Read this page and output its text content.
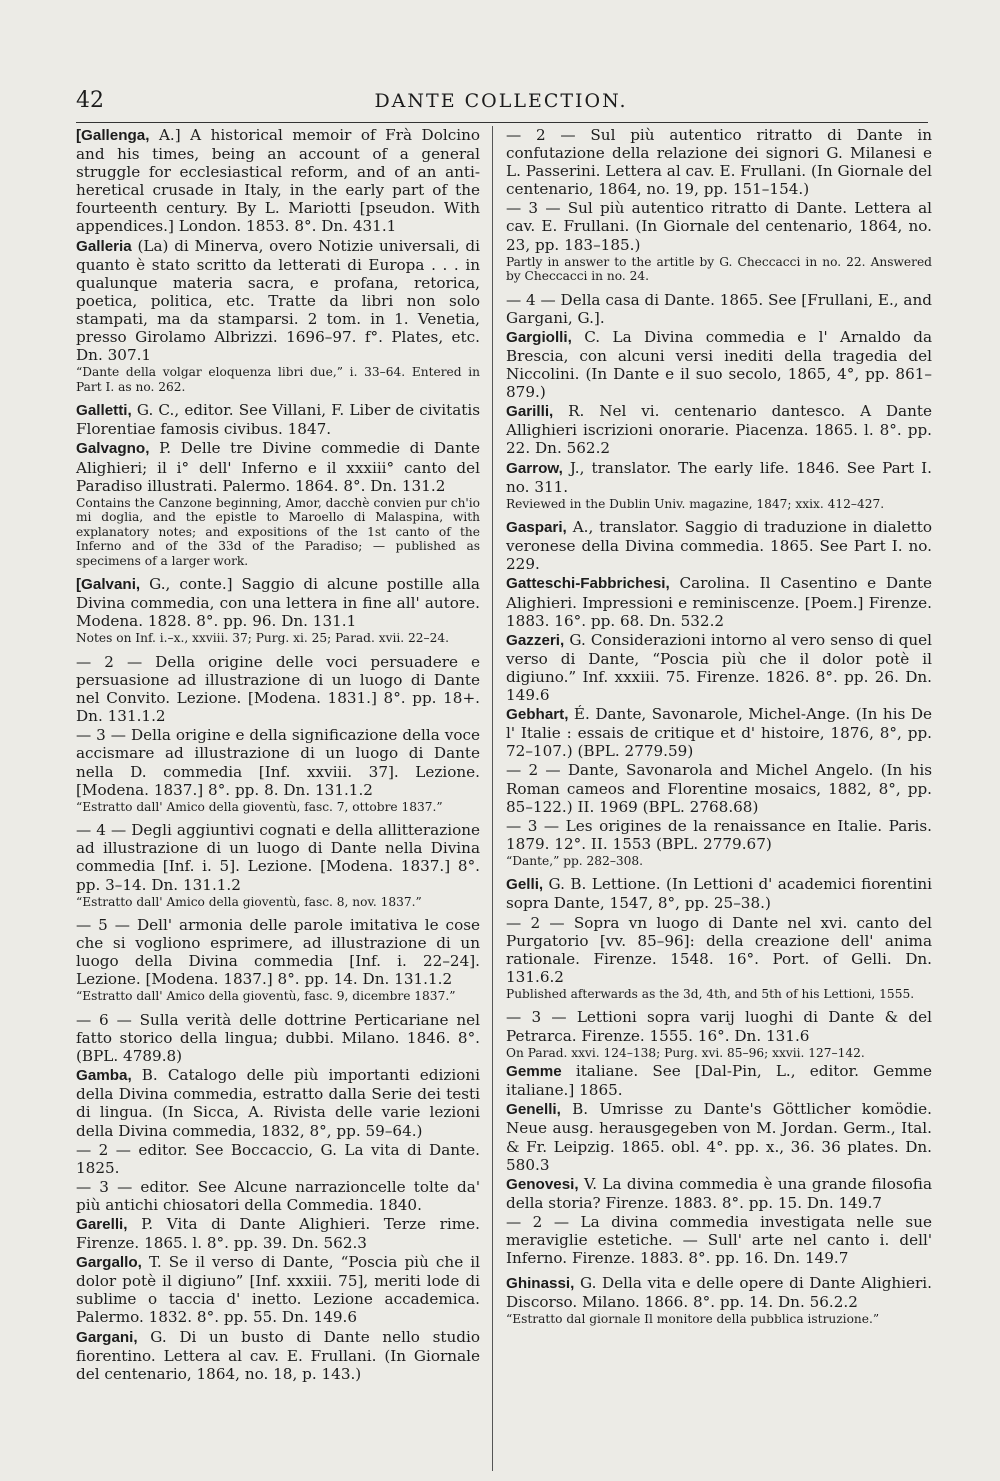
42	DANTE COLLECTION.
[Gallenga, A.] A historical memoir of Frà Dolcino and his times, being an account of a general struggle for ecclesiastical reform, and of an anti-heretical crusade in Italy, in the early part of the fourteenth century. By L. Mariotti [pseudon. With appendices.] London. 1853. 8°. Dn. 431.1
Galleria (La) di Minerva, overo Notizie universali, di quanto è stato scritto da letterati di Europa . . . in qualunque materia sacra, e profana, retorica, poetica, politica, etc. Tratte da libri non solo stampati, ma da stamparsi. 2 tom. in 1. Venetia, presso Girolamo Albrizzi. 1696–97. f°. Plates, etc. Dn. 307.1
“Dante della volgar eloquenza libri due,” i. 33–64. Entered in Part I. as no. 262.
Galletti, G. C., editor. See Villani, F. Liber de civitatis Florentiae famosis civibus. 1847.
Galvagno, P. Delle tre Divine commedie di Dante Alighieri; il i° dell' Inferno e il xxxiii° canto del Paradiso illustrati. Palermo. 1864. 8°. Dn. 131.2
Contains the Canzone beginning, Amor, dacchè convien pur ch'io mi doglia, and the epistle to Maroello di Malaspina, with explanatory notes; and expositions of the 1st canto of the Inferno and of the 33d of the Paradiso; — published as specimens of a larger work.
[Galvani, G., conte.] Saggio di alcune postille alla Divina commedia, con una lettera in fine all' autore. Modena. 1828. 8°. pp. 96. Dn. 131.1
Notes on Inf. i.–x., xxviii. 37; Purg. xi. 25; Parad. xvii. 22–24.
— 2 — Della origine delle voci persuadere e persuasione ad illustrazione di un luogo di Dante nel Convito. Lezione. [Modena. 1831.] 8°. pp. 18+. Dn. 131.1.2
— 3 — Della origine e della significazione della voce accismare ad illustrazione di un luogo di Dante nella D. commedia [Inf. xxviii. 37]. Lezione. [Modena. 1837.] 8°. pp. 8. Dn. 131.1.2
“Estratto dall' Amico della gioventù, fasc. 7, ottobre 1837.”
— 4 — Degli aggiuntivi cognati e della allitterazione ad illustrazione di un luogo di Dante nella Divina commedia [Inf. i. 5]. Lezione. [Modena. 1837.] 8°. pp. 3–14. Dn. 131.1.2
“Estratto dall' Amico della gioventù, fasc. 8, nov. 1837.”
— 5 — Dell' armonia delle parole imitativa le cose che si vogliono esprimere, ad illustrazione di un luogo della Divina commedia [Inf. i. 22–24]. Lezione. [Modena. 1837.] 8°. pp. 14. Dn. 131.1.2
“Estratto dall' Amico della gioventù, fasc. 9, dicembre 1837.”
— 6 — Sulla verità delle dottrine Perticariane nel fatto storico della lingua; dubbi. Milano. 1846. 8°. (BPL. 4789.8)
Gamba, B. Catalogo delle più importanti edizioni della Divina commedia, estratto dalla Serie dei testi di lingua. (In Sicca, A. Rivista delle varie lezioni della Divina commedia, 1832, 8°, pp. 59–64.)
— 2 — editor. See Boccaccio, G. La vita di Dante. 1825.
— 3 — editor. See Alcune narrazioncelle tolte da' più antichi chiosatori della Commedia. 1840.
Garelli, P. Vita di Dante Alighieri. Terze rime. Firenze. 1865. l. 8°. pp. 39. Dn. 562.3
Gargallo, T. Se il verso di Dante, “Poscia più che il dolor potè il digiuno” [Inf. xxxiii. 75], meriti lode di sublime o taccia d' inetto. Lezione accademica. Palermo. 1832. 8°. pp. 55. Dn. 149.6
Gargani, G. Di un busto di Dante nello studio fiorentino. Lettera al cav. E. Frullani. (In Giornale del centenario, 1864, no. 18, p. 143.)
— 2 — Sul più autentico ritratto di Dante in confutazione della relazione dei signori G. Milanesi e L. Passerini. Lettera al cav. E. Frullani. (In Giornale del centenario, 1864, no. 19, pp. 151–154.)
— 3 — Sul più autentico ritratto di Dante. Lettera al cav. E. Frullani. (In Giornale del centenario, 1864, no. 23, pp. 183–185.)
Partly in answer to the artitle by G. Checcacci in no. 22. Answered by Checcacci in no. 24.
— 4 — Della casa di Dante. 1865. See [Frullani, E., and Gargani, G.].
Gargiolli, C. La Divina commedia e l' Arnaldo da Brescia, con alcuni versi inediti della tragedia del Niccolini. (In Dante e il suo secolo, 1865, 4°, pp. 861–879.)
Garilli, R. Nel vi. centenario dantesco. A Dante Allighieri iscrizioni onorarie. Piacenza. 1865. l. 8°. pp. 22. Dn. 562.2
Garrow, J., translator. The early life. 1846. See Part I. no. 311.
Reviewed in the Dublin Univ. magazine, 1847; xxix. 412–427.
Gaspari, A., translator. Saggio di traduzione in dialetto veronese della Divina commedia. 1865. See Part I. no. 229.
Gatteschi-Fabbrichesi, Carolina. Il Casentino e Dante Alighieri. Impressioni e reminiscenze. [Poem.] Firenze. 1883. 16°. pp. 68. Dn. 532.2
Gazzeri, G. Considerazioni intorno al vero senso di quel verso di Dante, “Poscia più che il dolor potè il digiuno.” Inf. xxxiii. 75. Firenze. 1826. 8°. pp. 26. Dn. 149.6
Gebhart, É. Dante, Savonarole, Michel-Ange. (In his De l' Italie : essais de critique et d' histoire, 1876, 8°, pp. 72–107.) (BPL. 2779.59)
— 2 — Dante, Savonarola and Michel Angelo. (In his Roman cameos and Florentine mosaics, 1882, 8°, pp. 85–122.) II. 1969 (BPL. 2768.68)
— 3 — Les origines de la renaissance en Italie. Paris. 1879. 12°. II. 1553 (BPL. 2779.67)
“Dante,” pp. 282–308.
Gelli, G. B. Lettione. (In Lettioni d' academici fiorentini sopra Dante, 1547, 8°, pp. 25–38.)
— 2 — Sopra vn luogo di Dante nel xvi. canto del Purgatorio [vv. 85–96]: della creazione dell' anima rationale. Firenze. 1548. 16°. Port. of Gelli. Dn. 131.6.2
Published afterwards as the 3d, 4th, and 5th of his Lettioni, 1555.
— 3 — Lettioni sopra varij luoghi di Dante & del Petrarca. Firenze. 1555. 16°. Dn. 131.6
On Parad. xxvi. 124–138; Purg. xvi. 85–96; xxvii. 127–142.
Gemme italiane. See [Dal-Pin, L., editor. Gemme italiane.] 1865.
Genelli, B. Umrisse zu Dante's Göttlicher komödie. Neue ausg. herausgegeben von M. Jordan. Germ., Ital. & Fr. Leipzig. 1865. obl. 4°. pp. x., 36. 36 plates. Dn. 580.3
Genovesi, V. La divina commedia è una grande filosofia della storia? Firenze. 1883. 8°. pp. 15. Dn. 149.7
— 2 — La divina commedia investigata nelle sue meraviglie estetiche. — Sull' arte nel canto i. dell' Inferno. Firenze. 1883. 8°. pp. 16. Dn. 149.7
Ghinassi, G. Della vita e delle opere di Dante Alighieri. Discorso. Milano. 1866. 8°. pp. 14. Dn. 56.2.2
“Estratto dal giornale Il monitore della pubblica istruzione.”
